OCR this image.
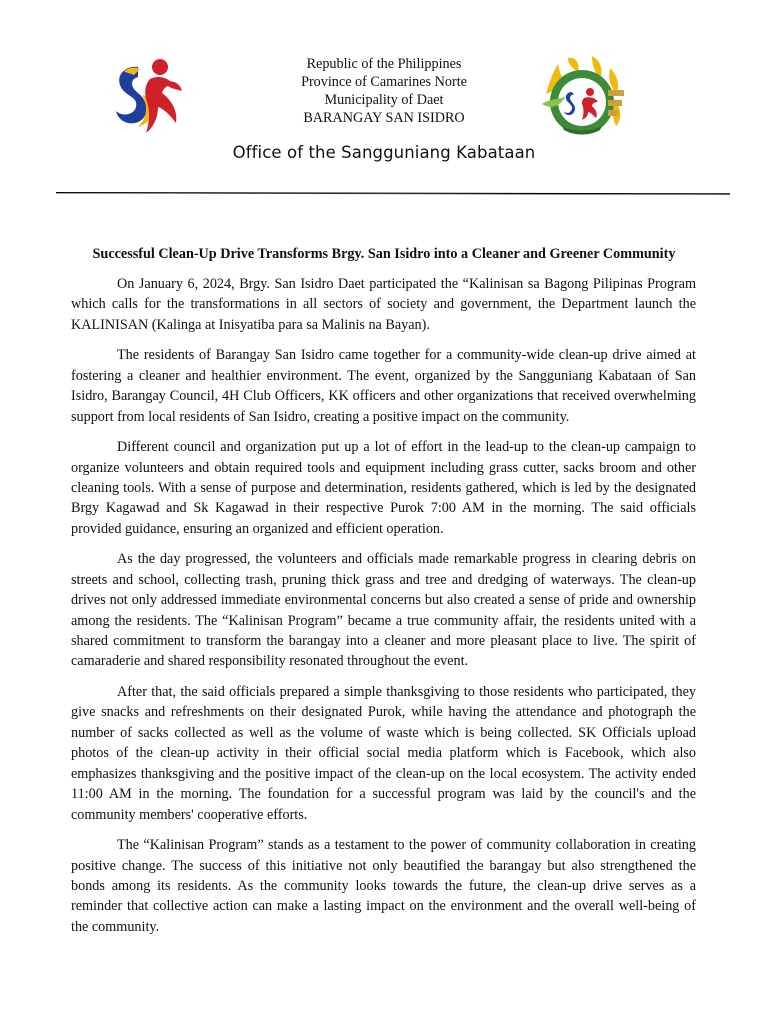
Republic of the Philippines
Province of Camarines Norte
Municipality of Daet
BARANGAY SAN ISIDRO
Office of the Sangguniang Kabataan
Successful Clean-Up Drive Transforms Brgy. San Isidro into a Cleaner and Greener Community

On January 6, 2024, Brgy. San Isidro Daet participated the “Kalinisan sa Bagong Pilipinas Program which calls for the transformations in all sectors of society and government, the Department launch the KALINISAN (Kalinga at Inisyatiba para sa Malinis na Bayan).

The residents of Barangay San Isidro came together for a community-wide clean-up drive aimed at fostering a cleaner and healthier environment. The event, organized by the Sangguniang Kabataan of San Isidro, Barangay Council, 4H Club Officers, KK officers and other organizations that received overwhelming support from local residents of San Isidro, creating a positive impact on the community.

Different council and organization put up a lot of effort in the lead-up to the clean-up campaign to organize volunteers and obtain required tools and equipment including grass cutter, sacks broom and other cleaning tools. With a sense of purpose and determination, residents gathered, which is led by the designated Brgy Kagawad and Sk Kagawad in their respective Purok 7:00 AM in the morning. The said officials provided guidance, ensuring an organized and efficient operation.

As the day progressed, the volunteers and officials made remarkable progress in clearing debris on streets and school, collecting trash, pruning thick grass and tree and dredging of waterways. The clean-up drives not only addressed immediate environmental concerns but also created a sense of pride and ownership among the residents. The “Kalinisan Program” became a true community affair, the residents united with a shared commitment to transform the barangay into a cleaner and more pleasant place to live. The spirit of camaraderie and shared responsibility resonated throughout the event.

After that, the said officials prepared a simple thanksgiving to those residents who participated, they give snacks and refreshments on their designated Purok, while having the attendance and photograph the number of sacks collected as well as the volume of waste which is being collected. SK Officials upload photos of the clean-up activity in their official social media platform which is Facebook, which also emphasizes thanksgiving and the positive impact of the clean-up on the local ecosystem. The activity ended 11:00 AM in the morning. The foundation for a successful program was laid by the council's and the community members' cooperative efforts.

The “Kalinisan Program” stands as a testament to the power of community collaboration in creating positive change. The success of this initiative not only beautified the barangay but also strengthened the bonds among its residents. As the community looks towards the future, the clean-up drive serves as a reminder that collective action can make a lasting impact on the environment and the overall well-being of the community.
